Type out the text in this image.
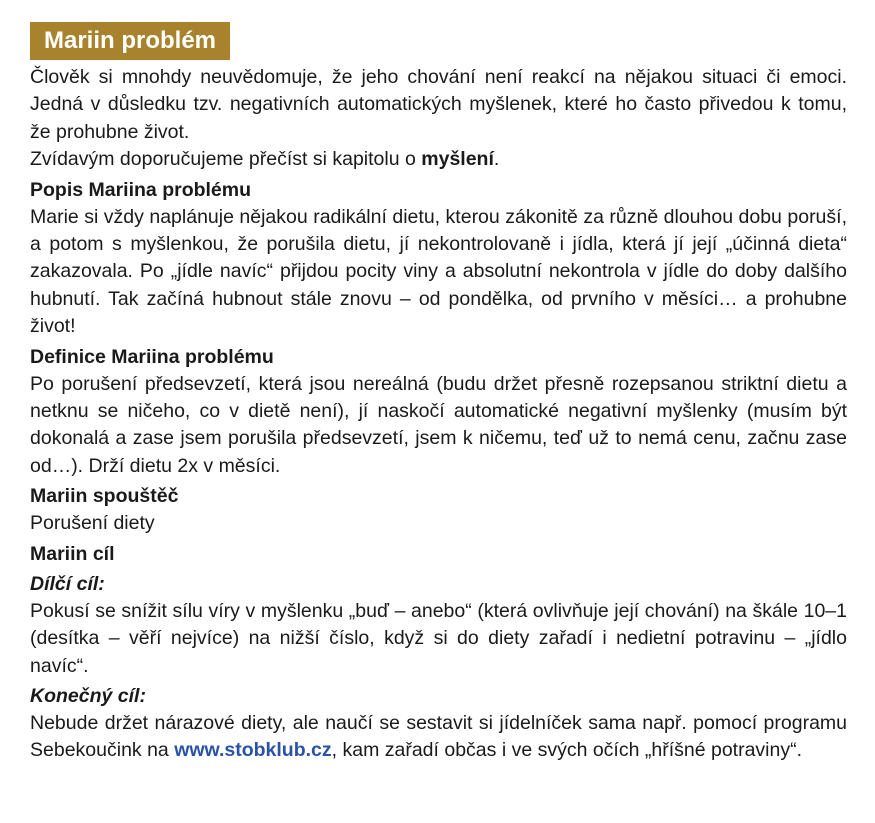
Mariin problém

Člověk si mnohdy neuvědomuje, že jeho chování není reakcí na nějakou situaci či emoci. Jedná v důsledku tzv. negativních automatických myšlenek, které ho často přivedou k tomu, že prohubne život.

Zvídavým doporučujeme přečíst si kapitolu o myšlení.

Popis Mariina problému

Marie si vždy naplánuje nějakou radikální dietu, kterou zákonitě za různě dlouhou dobu poruší, a potom s myšlenkou, že porušila dietu, jí nekontrolovaně i jídla, která jí její „účinná dieta“ zakazovala. Po „jídle navíc“ přijdou pocity viny a absolutní nekontrola v jídle do doby dalšího hubnutí. Tak začíná hubnout stále znovu – od pondělka, od prvního v měsíci… a prohubne život!

Definice Mariina problému

Po porušení předsevzetí, která jsou nereálná (budu držet přesně rozepsanou striktní dietu a netknu se ničeho, co v dietě není), jí naskočí automatické negativní myšlenky (musím být dokonalá a zase jsem porušila předsevzetí, jsem k ničemu, teď už to nemá cenu, začnu zase od…). Drží dietu 2x v měsíci.

Mariin spouštěč

Porušení diety

Mariin cíl
Dílčí cíl:

Pokusí se snížit sílu víry v myšlenku „buď – anebo“ (která ovlivňuje její chování) na škále 10–1 (desítka – věří nejvíce) na nižší číslo, když si do diety zařadí i nedietní potravinu – „jídlo navíc“.

Konečný cíl:

Nebude držet nárazové diety, ale naučí se sestavit si jídelníček sama např. pomocí programu Sebekoučink na www.stobklub.cz, kam zařadí občas i ve svých očích „hříšné potraviny“.
